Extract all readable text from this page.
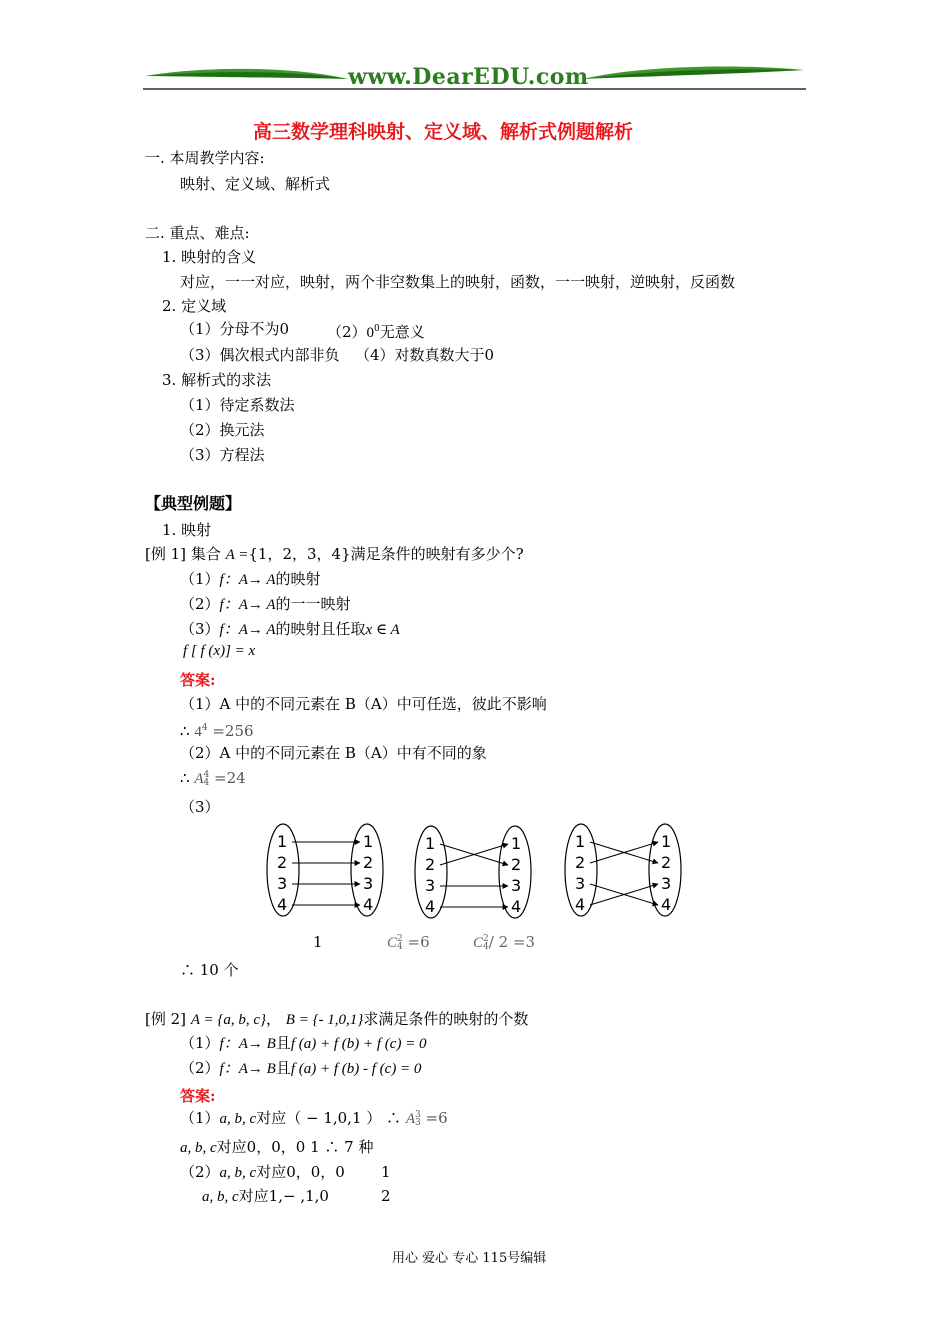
www.DearEDU.com
高三数学理科映射、定义域、解析式例题解析
一. 本周教学内容:
映射、定义域、解析式
二. 重点、难点:
1. 映射的含义
对应，一一对应，映射，两个非空数集上的映射，函数，一一映射，逆映射，反函数
2. 定义域
（1）分母不为0	$(2)0^0$无意义
（3）偶次根式内部非负 （4）对数真数大于0
3. 解析式的求法
（1）待定系数法
（2）换元法
（3）方程法
【典型例题】
1. 映射
[例 1] 集合 A ={1，2，3，4}满足条件的映射有多少个?
（1）f：A→ A的映射
（2）f：A→ A的一一映射
（3）f：A→ A的映射且任取x ∈ A
f [ f (x)] = x
答案:
（1）A 中的不同元素在 B（A）中可任选，彼此不影响
∴ $4^4 =256$
（2）A 中的不同元素在 B（A）中有不同的象
∴ A4
4 =24
（3）
1
2
3
4
1
2
3
4
1
2
3
4
1
2
3
4
1
2
3
4
1
2
3
4
1	C2
4 =6	C2
4/ 2 =3
∴ 10 个
[例 2] A = {a, b, c}， B = {- 1,0,1}求满足条件的映射的个数
（1）f：A→ B且f (a) + f (b) + f (c) = 0
（2）f：A→ B且f (a) + f (b) - f (c) = 0
答案:
（1）a, b, c对应（ − 1,0,1 ） ∴ A3
3 =6
a, b, c对应0，0，0 1 ∴ 7 种
（2）a, b, c对应0，0，0 1
a, b, c对应1,− ,1,0	2
用心 爱心 专心 115号编辑
